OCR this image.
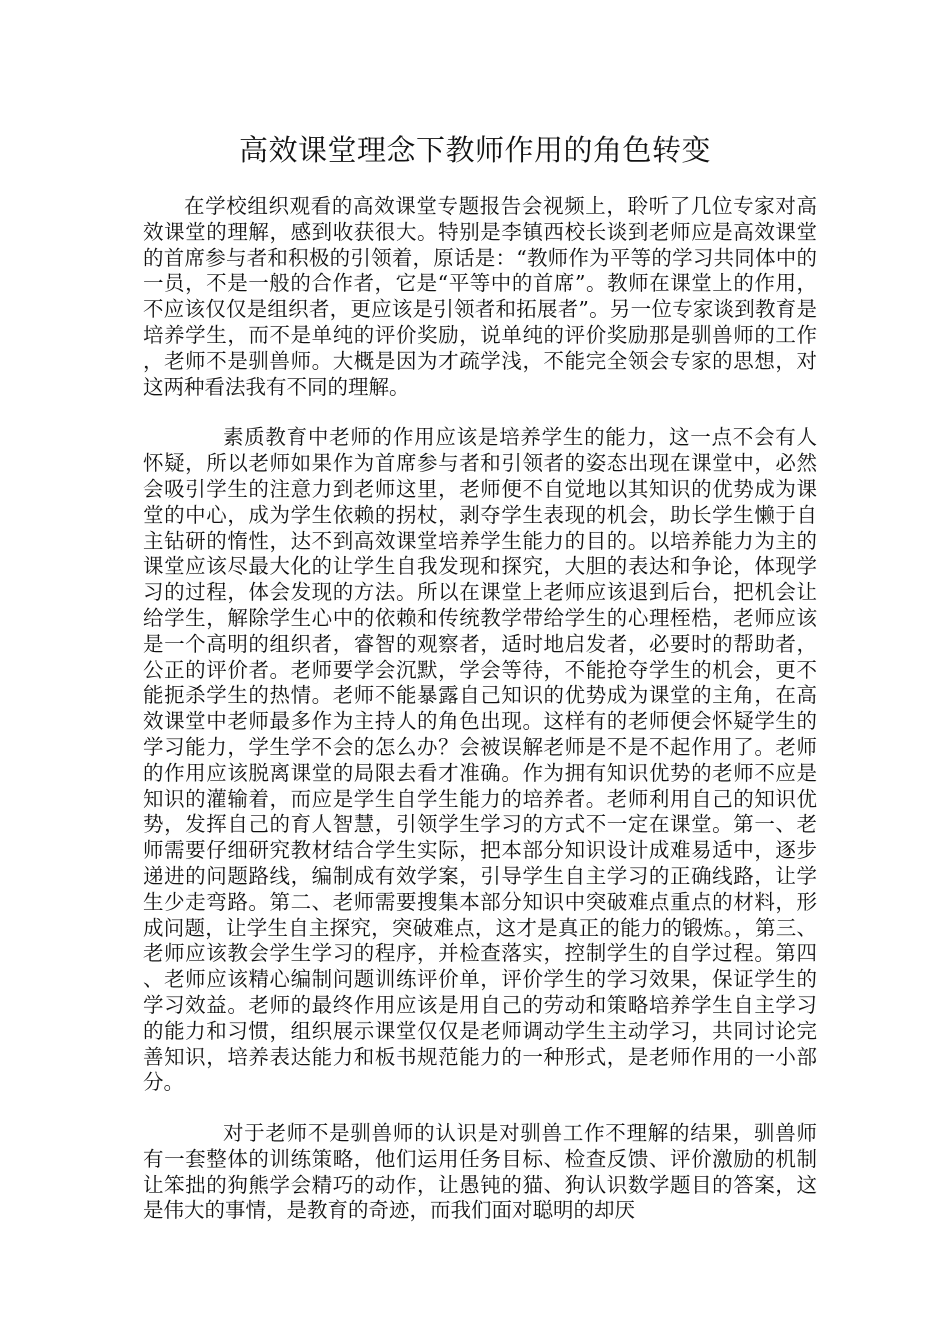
高效课堂理念下教师作用的角色转变

在学校组织观看的高效课堂专题报告会视频上，聆听了几位专家对高效课堂的理解，感到收获很大。特别是李镇西校长谈到老师应是高效课堂的首席参与者和积极的引领着，原话是：“教师作为平等的学习共同体中的一员，不是一般的合作者，它是“平等中的首席”。教师在课堂上的作用，不应该仅仅是组织者，更应该是引领者和拓展者”。另一位专家谈到教育是培养学生，而不是单纯的评价奖励，说单纯的评价奖励那是驯兽师的工作，老师不是驯兽师。大概是因为才疏学浅，不能完全领会专家的思想，对这两种看法我有不同的理解。

素质教育中老师的作用应该是培养学生的能力，这一点不会有人怀疑，所以老师如果作为首席参与者和引领者的姿态出现在课堂中，必然会吸引学生的注意力到老师这里，老师便不自觉地以其知识的优势成为课堂的中心，成为学生依赖的拐杖，剥夺学生表现的机会，助长学生懒于自主钻研的惰性，达不到高效课堂培养学生能力的目的。以培养能力为主的课堂应该尽最大化的让学生自我发现和探究，大胆的表达和争论，体现学习的过程，体会发现的方法。所以在课堂上老师应该退到后台，把机会让给学生，解除学生心中的依赖和传统教学带给学生的心理桎梏，老师应该是一个高明的组织者，睿智的观察者，适时地启发者，必要时的帮助者，公正的评价者。老师要学会沉默，学会等待，不能抢夺学生的机会，更不能扼杀学生的热情。老师不能暴露自己知识的优势成为课堂的主角，在高效课堂中老师最多作为主持人的角色出现。这样有的老师便会怀疑学生的学习能力，学生学不会的怎么办？会被误解老师是不是不起作用了。老师的作用应该脱离课堂的局限去看才准确。作为拥有知识优势的老师不应是知识的灌输着，而应是学生自学生能力的培养者。老师利用自己的知识优势，发挥自己的育人智慧，引领学生学习的方式不一定在课堂。第一、老师需要仔细研究教材结合学生实际，把本部分知识设计成难易适中，逐步递进的问题路线，编制成有效学案，引导学生自主学习的正确线路，让学生少走弯路。第二、老师需要搜集本部分知识中突破难点重点的材料，形成问题，让学生自主探究，突破难点，这才是真正的能力的锻炼。，第三、老师应该教会学生学习的程序，并检查落实，控制学生的自学过程。第四、老师应该精心编制问题训练评价单，评价学生的学习效果，保证学生的学习效益。老师的最终作用应该是用自己的劳动和策略培养学生自主学习的能力和习惯，组织展示课堂仅仅是老师调动学生主动学习，共同讨论完善知识，培养表达能力和板书规范能力的一种形式，是老师作用的一小部分。

对于老师不是驯兽师的认识是对驯兽工作不理解的结果，驯兽师有一套整体的训练策略，他们运用任务目标、检查反馈、评价激励的机制让笨拙的狗熊学会精巧的动作，让愚钝的猫、狗认识数学题目的答案，这是伟大的事情，是教育的奇迹，而我们面对聪明的却厌
